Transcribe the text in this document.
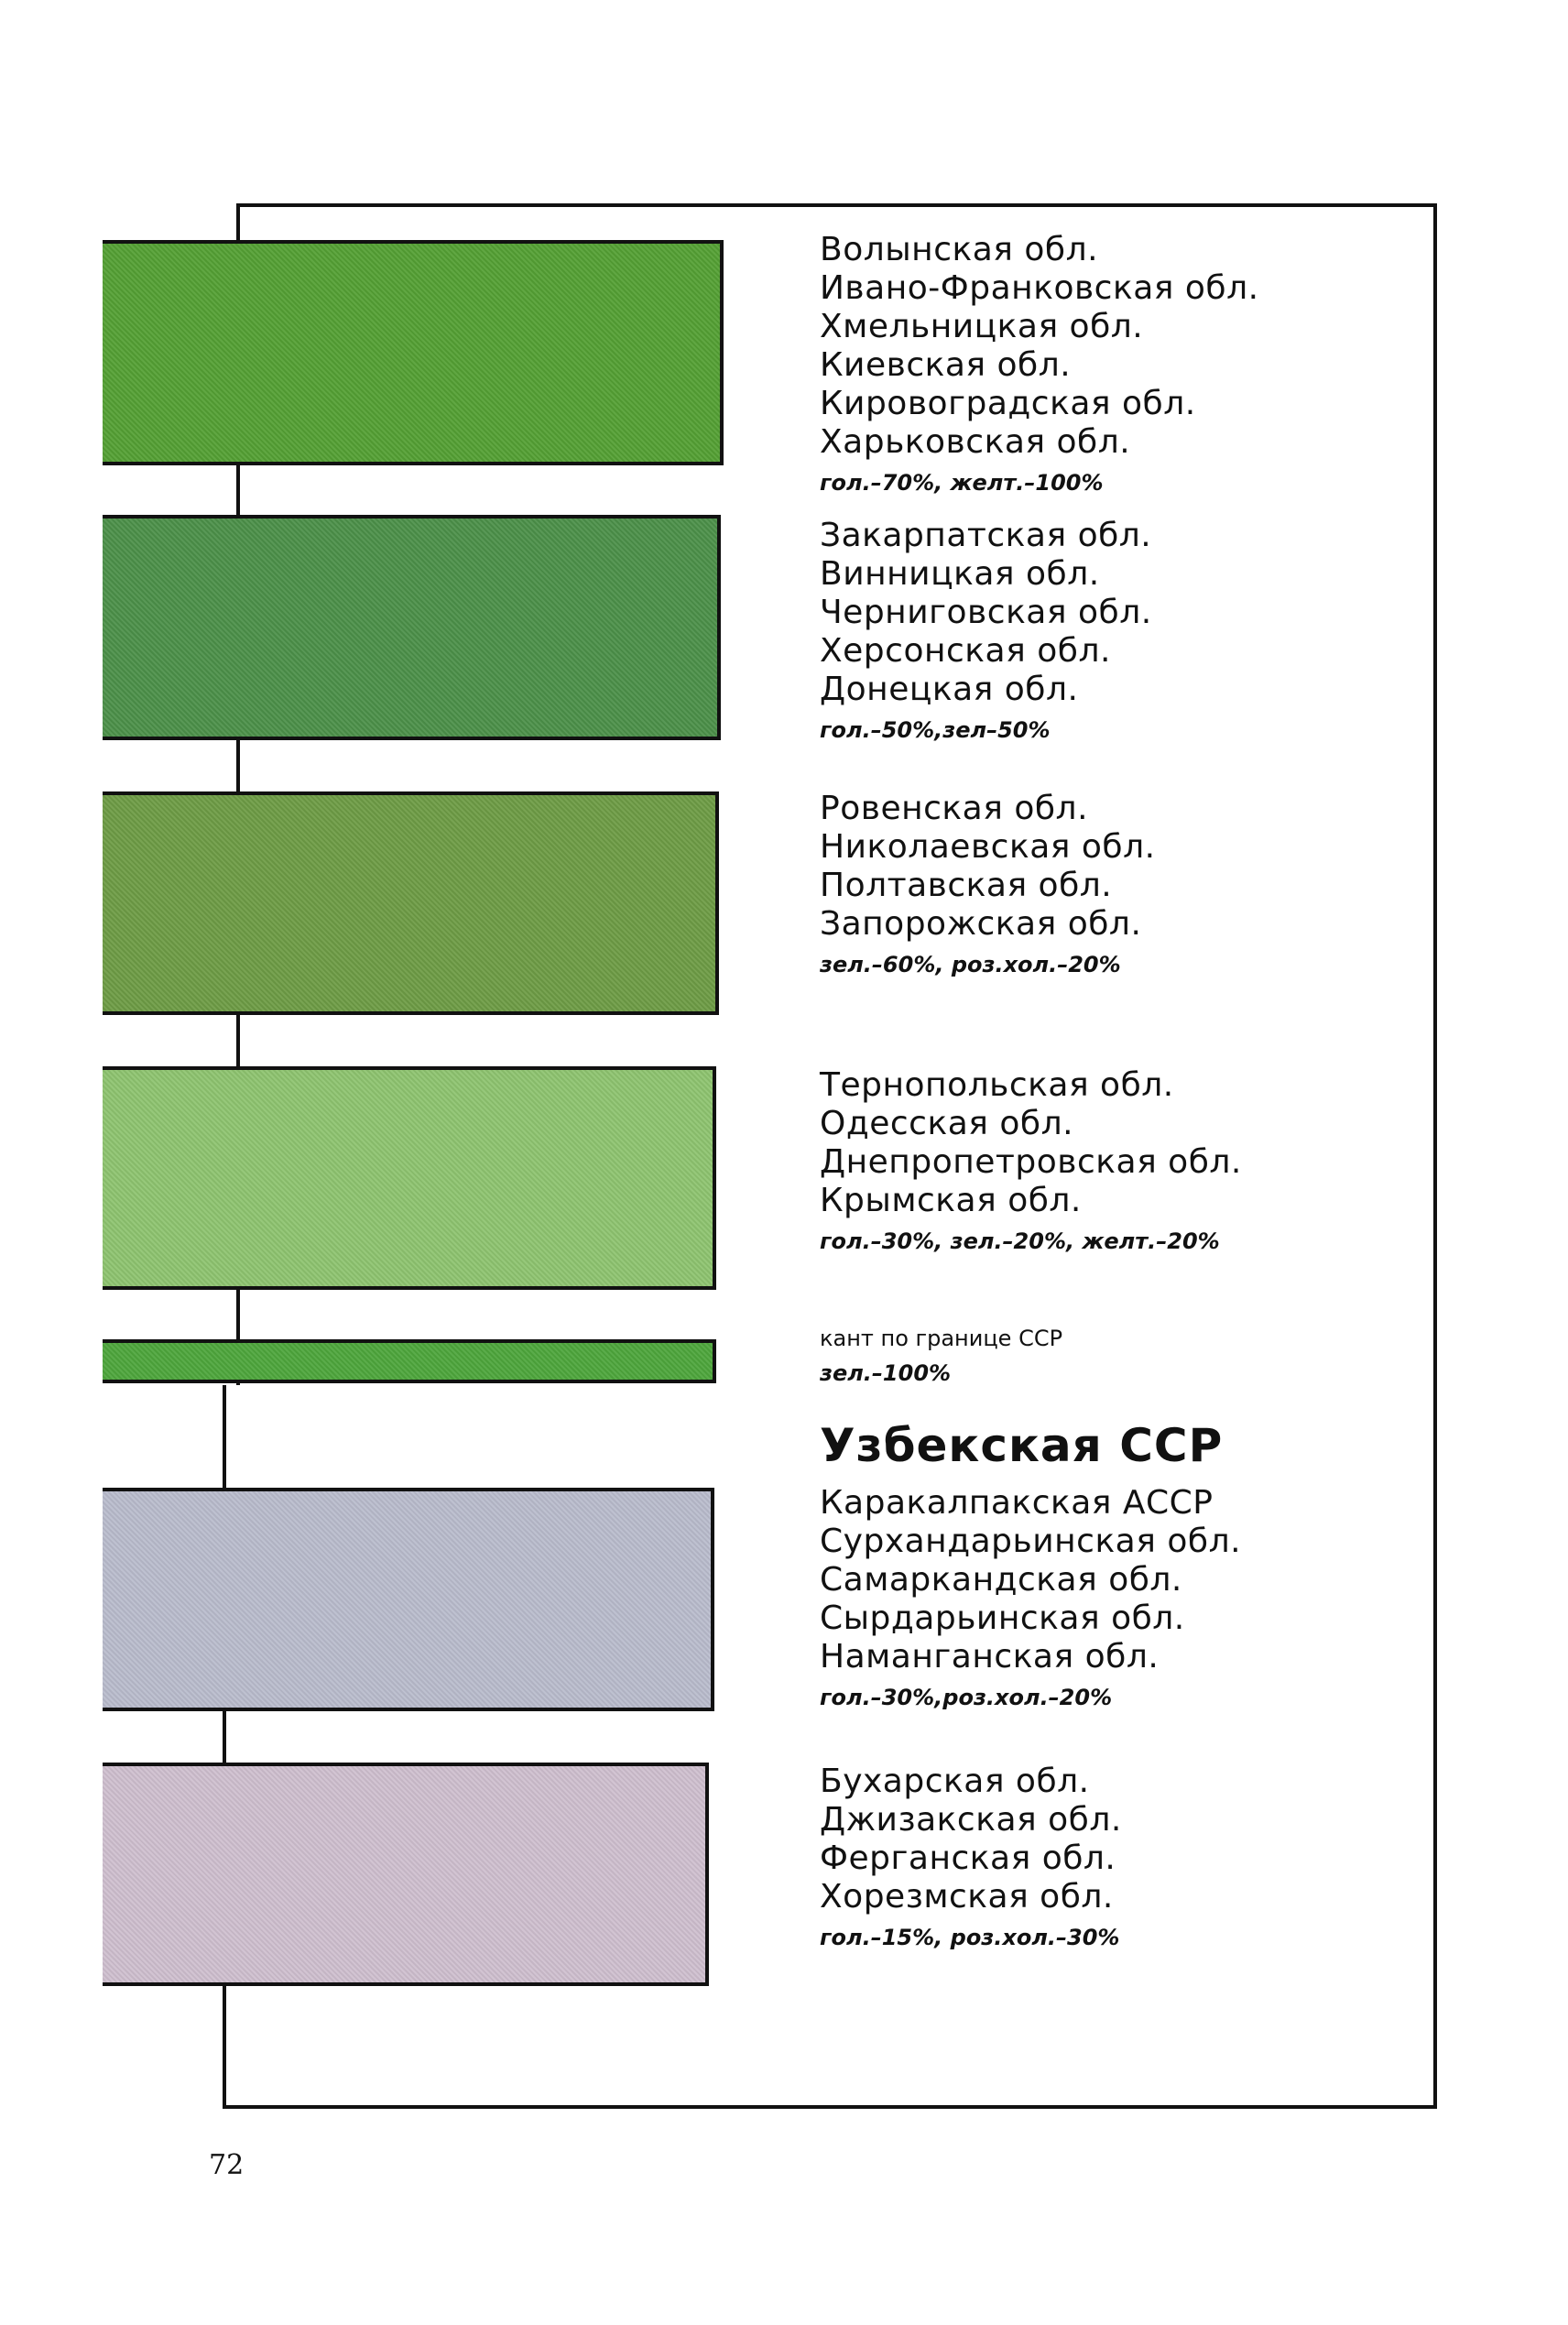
Волынская обл.
Ивано-Франковская обл.
Хмельницкая обл.
Киевская обл.
Кировоградская обл.
Харьковская обл.
гол.–70%, желт.–100%
Закарпатская обл.
Винницкая обл.
Черниговская обл.
Херсонская обл.
Донецкая обл.
гол.–50%,зел–50%
Ровенская обл.
Николаевская обл.
Полтавская обл.
Запорожская обл.
зел.–60%, роз.хол.–20%
Тернопольская обл.
Одесская обл.
Днепропетровская обл.
Крымская обл.
гол.–30%, зел.–20%, желт.–20%
кант по границе ССР
зел.–100%
Узбекская ССР
Каракалпакская АССР
Сурхандарьинская обл.
Самаркандская обл.
Сырдарьинская обл.
Наманганская обл.
гол.–30%,роз.хол.–20%
Бухарская обл.
Джизакская обл.
Ферганская обл.
Хорезмская обл.
гол.–15%, роз.хол.–30%
72
